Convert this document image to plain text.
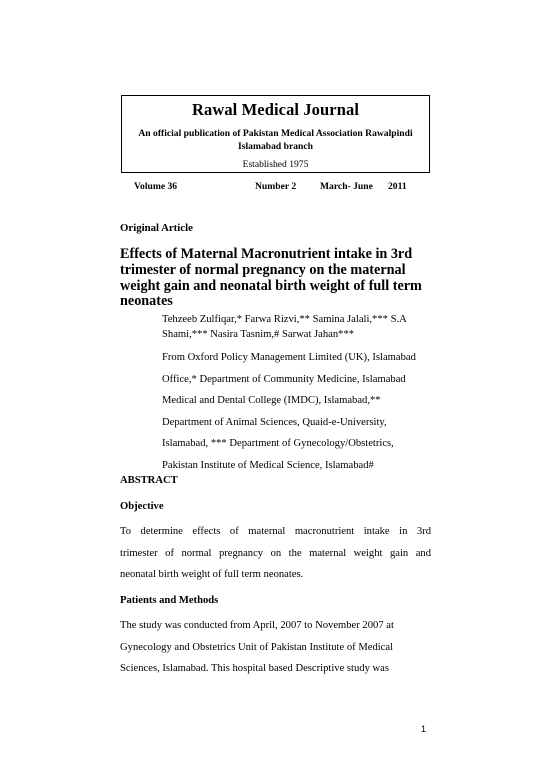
Rawal Medical Journal
An official publication of Pakistan Medical Association Rawalpindi
Islamabad branch
Established 1975
Volume 36	Number 2 March- June 2011
Original Article
Effects of Maternal Macronutrient intake in 3rd
trimester of normal pregnancy on the maternal
weight gain and neonatal birth weight of full term
neonates
Tehzeeb Zulfiqar,* Farwa Rizvi,** Samina Jalali,*** S.A
Shami,*** Nasira Tasnim,# Sarwat Jahan***
From Oxford Policy Management Limited (UK), Islamabad
Office,* Department of Community Medicine, Islamabad
Medical and Dental College (IMDC), Islamabad,**
Department of Animal Sciences, Quaid-e-University,
Islamabad, *** Department of Gynecology/Obstetrics,
Pakistan Institute of Medical Science, Islamabad#
ABSTRACT
Objective
To determine effects of maternal macronutrient intake in 3rd
trimester of normal pregnancy on the maternal weight gain and
neonatal birth weight of full term neonates.
Patients and Methods
The study was conducted from April, 2007 to November 2007 at
Gynecology and Obstetrics Unit of Pakistan Institute of Medical
Sciences, Islamabad. This hospital based Descriptive study was
1
